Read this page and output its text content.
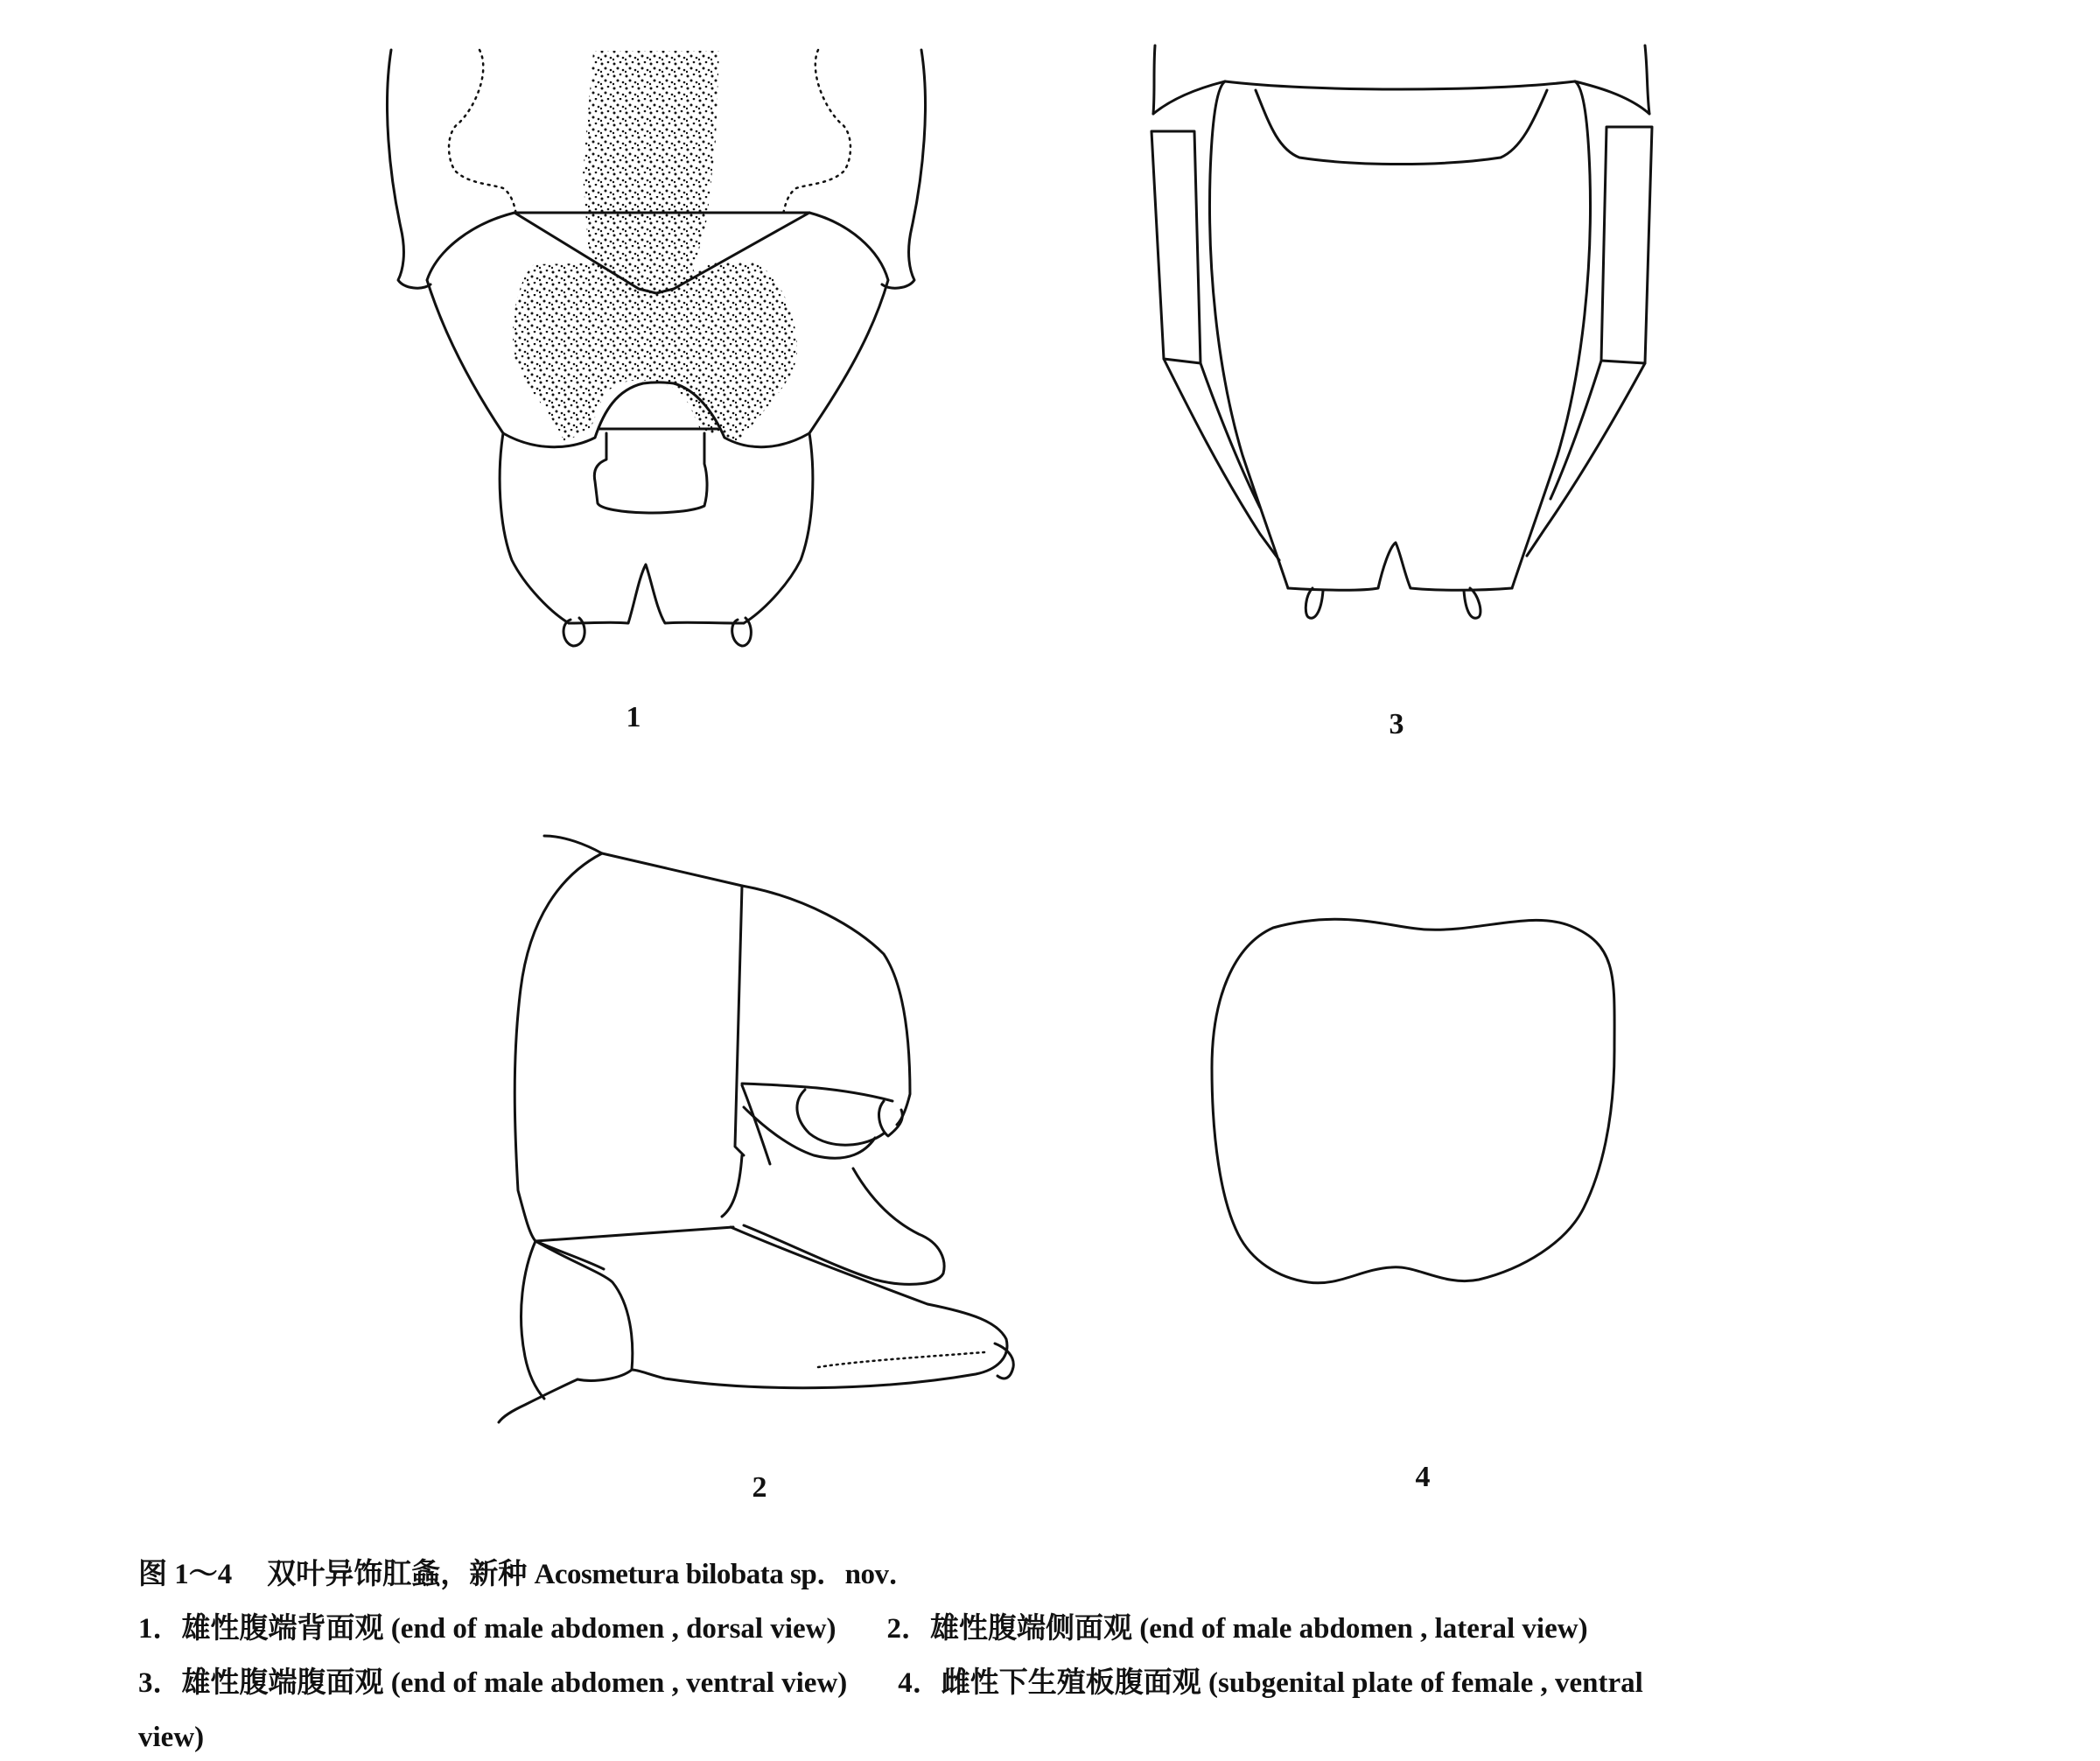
1	3
2	4
图 1～4 双叶异饰肛螽，新种 Acosmetura bilobata sp．nov．
1．雄性腹端背面观 (end of male abdomen , dorsal view) 2．雄性腹端侧面观 (end of male abdomen , lateral view)
3．雄性腹端腹面观 (end of male abdomen , ventral view) 4．雌性下生殖板腹面观 (subgenital plate of female , ventral
view)
